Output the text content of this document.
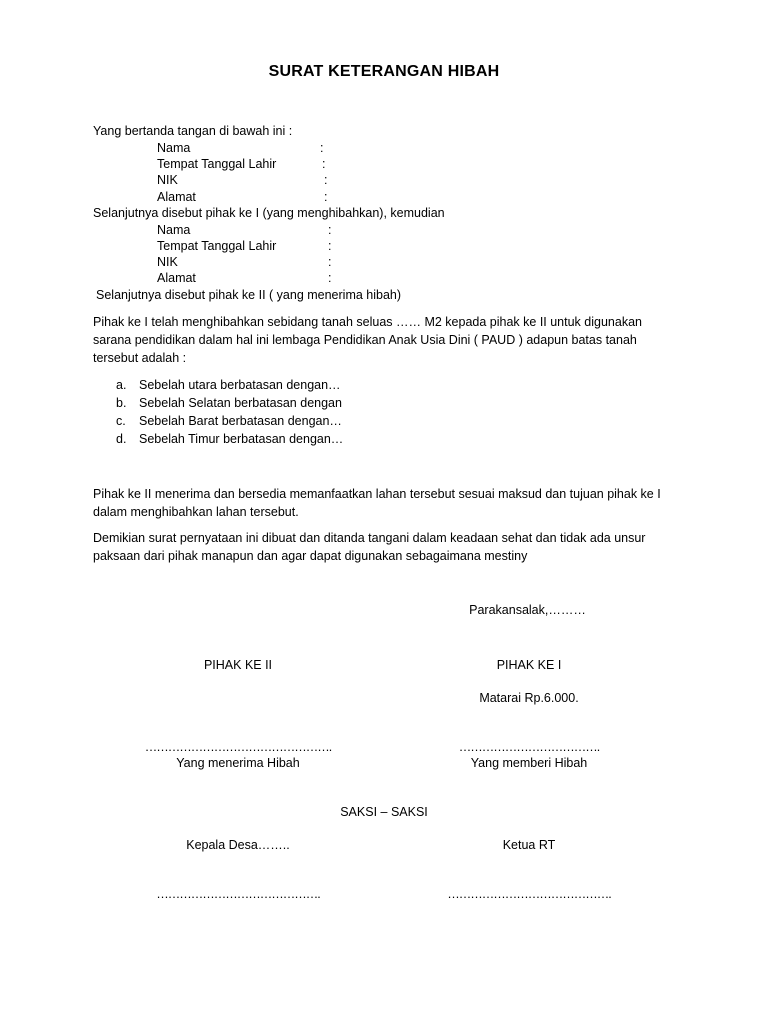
SURAT KETERANGAN HIBAH
Yang bertanda tangan di bawah ini :
Nama	:
Tempat Tanggal Lahir	:
NIK	:
Alamat	:
Selanjutnya disebut pihak ke I (yang menghibahkan), kemudian
Nama	:
Tempat Tanggal Lahir	:
NIK	:
Alamat	:
Selanjutnya disebut pihak ke II ( yang menerima hibah)
Pihak ke I telah menghibahkan sebidang tanah seluas …… M2 kepada pihak ke II untuk digunakan sarana pendidikan dalam hal ini lembaga Pendidikan Anak Usia Dini ( PAUD ) adapun batas tanah tersebut adalah :
a. Sebelah utara berbatasan dengan…
b. Sebelah Selatan berbatasan dengan
c. Sebelah Barat berbatasan dengan…
d. Sebelah Timur berbatasan dengan…
Pihak ke II menerima dan bersedia memanfaatkan lahan tersebut sesuai maksud dan tujuan pihak ke I dalam menghibahkan lahan tersebut.
Demikian surat pernyataan ini dibuat dan ditanda tangani dalam keadaan sehat dan tidak ada unsur paksaan dari pihak manapun dan agar dapat digunakan sebagaimana mestiny
Parakansalak,………
PIHAK KE II	PIHAK KE I
Matarai Rp.6.000.
………………………………………….	……………………………….
Yang menerima Hibah	Yang memberi Hibah
SAKSI – SAKSI
Kepala Desa……..	Ketua RT
…………………………………….	…………………………………….
